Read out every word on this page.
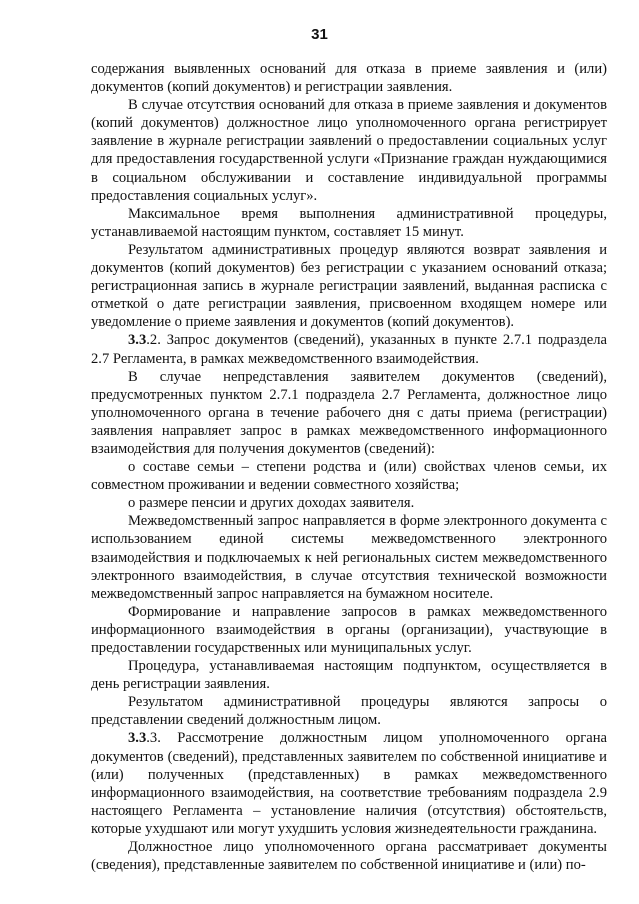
31

содержания выявленных оснований для отказа в приеме заявления и (или) документов (копий документов) и регистрации заявления.

В случае отсутствия оснований для отказа в приеме заявления и документов (копий документов) должностное лицо уполномоченного органа регистрирует заявление в журнале регистрации заявлений о предоставлении социальных услуг для предоставления государственной услуги «Признание граждан нуждающимися в социальном обслуживании и составление индивидуальной программы предоставления социальных услуг».

Максимальное время выполнения административной процедуры, устанавливаемой настоящим пунктом, составляет 15 минут.

Результатом административных процедур являются возврат заявления и документов (копий документов) без регистрации с указанием оснований отказа; регистрационная запись в журнале регистрации заявлений, выданная расписка с отметкой о дате регистрации заявления, присвоенном входящем номере или уведомление о приеме заявления и документов (копий документов).

3.3.2. Запрос документов (сведений), указанных в пункте 2.7.1 подраздела 2.7 Регламента, в рамках межведомственного взаимодействия.

В случае непредставления заявителем документов (сведений), предусмотренных пунктом 2.7.1 подраздела 2.7 Регламента, должностное лицо уполномоченного органа в течение рабочего дня с даты приема (регистрации) заявления направляет запрос в рамках межведомственного информационного взаимодействия для получения документов (сведений):

о составе семьи – степени родства и (или) свойствах членов семьи, их совместном проживании и ведении совместного хозяйства;

о размере пенсии и других доходах заявителя.

Межведомственный запрос направляется в форме электронного документа с использованием единой системы межведомственного электронного взаимодействия и подключаемых к ней региональных систем межведомственного электронного взаимодействия, в случае отсутствия технической возможности межведомственный запрос направляется на бумажном носителе.

Формирование и направление запросов в рамках межведомственного информационного взаимодействия в органы (организации), участвующие в предоставлении государственных или муниципальных услуг.

Процедура, устанавливаемая настоящим подпунктом, осуществляется в день регистрации заявления.

Результатом административной процедуры являются запросы о представлении сведений должностным лицом.

3.3.3. Рассмотрение должностным лицом уполномоченного органа документов (сведений), представленных заявителем по собственной инициативе и (или) полученных (представленных) в рамках межведомственного информационного взаимодействия, на соответствие требованиям подраздела 2.9 настоящего Регламента – установление наличия (отсутствия) обстоятельств, которые ухудшают или могут ухудшить условия жизнедеятельности гражданина.

Должностное лицо уполномоченного органа рассматривает документы (сведения), представленные заявителем по собственной инициативе и (или) по-
